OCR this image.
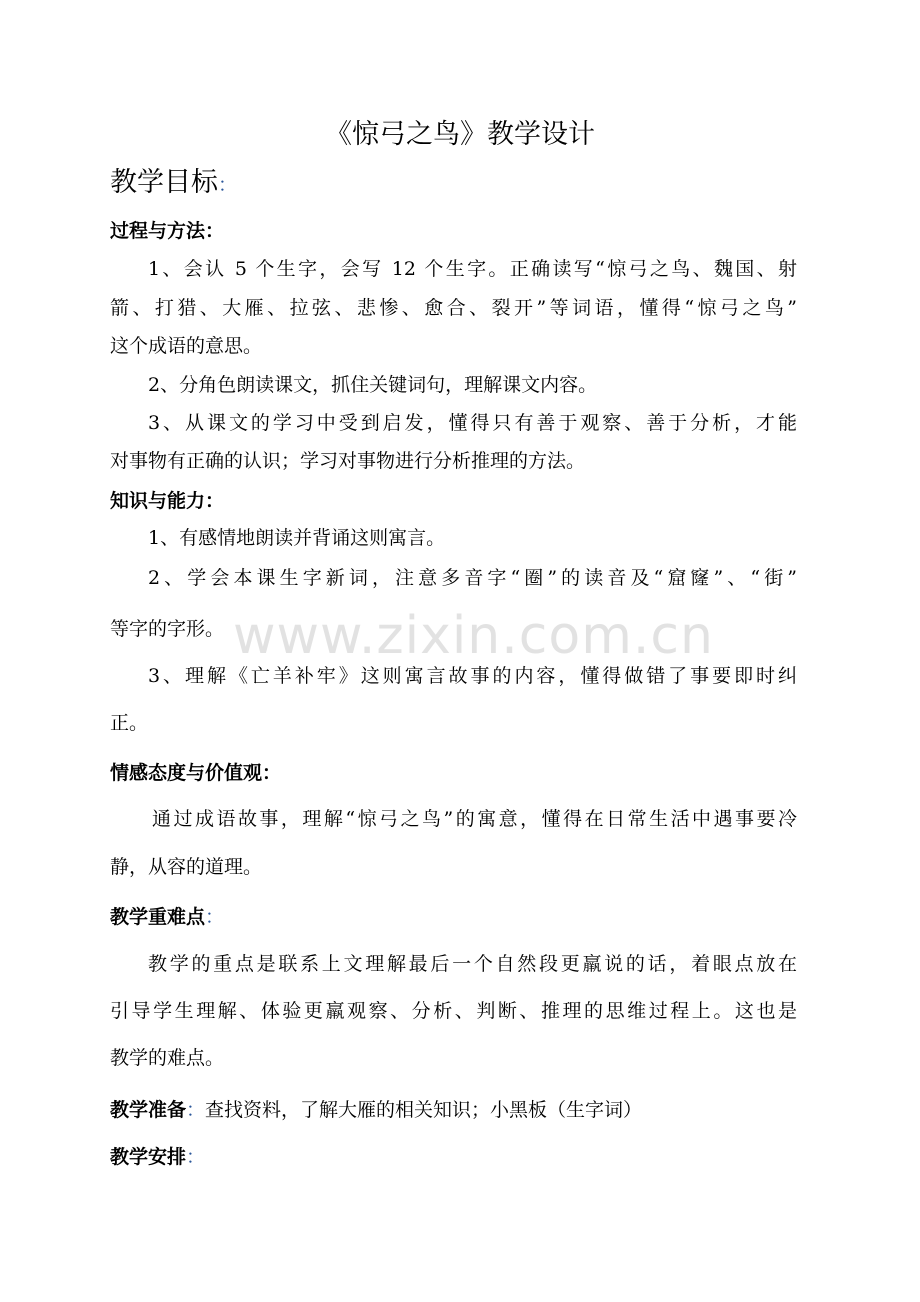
《惊弓之鸟》教学设计
教学目标：
过程与方法：
1、会认 5 个生字，会写 12 个生字。正确读写“惊弓之鸟、魏国、射
箭、打猎、大雁、拉弦、悲惨、愈合、裂开”等词语，懂得“惊弓之鸟”
这个成语的意思。
2、分角色朗读课文，抓住关键词句，理解课文内容。
3、从课文的学习中受到启发，懂得只有善于观察、善于分析，才能
对事物有正确的认识；学习对事物进行分析推理的方法。
知识与能力：
1、有感情地朗读并背诵这则寓言。
2、学会本课生字新词，注意多音字“圈”的读音及“窟窿”、“街”
等字的字形。
3、理解《亡羊补牢》这则寓言故事的内容，懂得做错了事要即时纠
正。
情感态度与价值观：
通过成语故事，理解“惊弓之鸟”的寓意，懂得在日常生活中遇事要冷
静，从容的道理。
教学重难点：
教学的重点是联系上文理解最后一个自然段更羸说的话，着眼点放在
引导学生理解、体验更羸观察、分析、判断、推理的思维过程上。这也是
教学的难点。
教学准备：查找资料，了解大雁的相关知识；小黑板（生字词）
教学安排：
www.zixin.com.cn
